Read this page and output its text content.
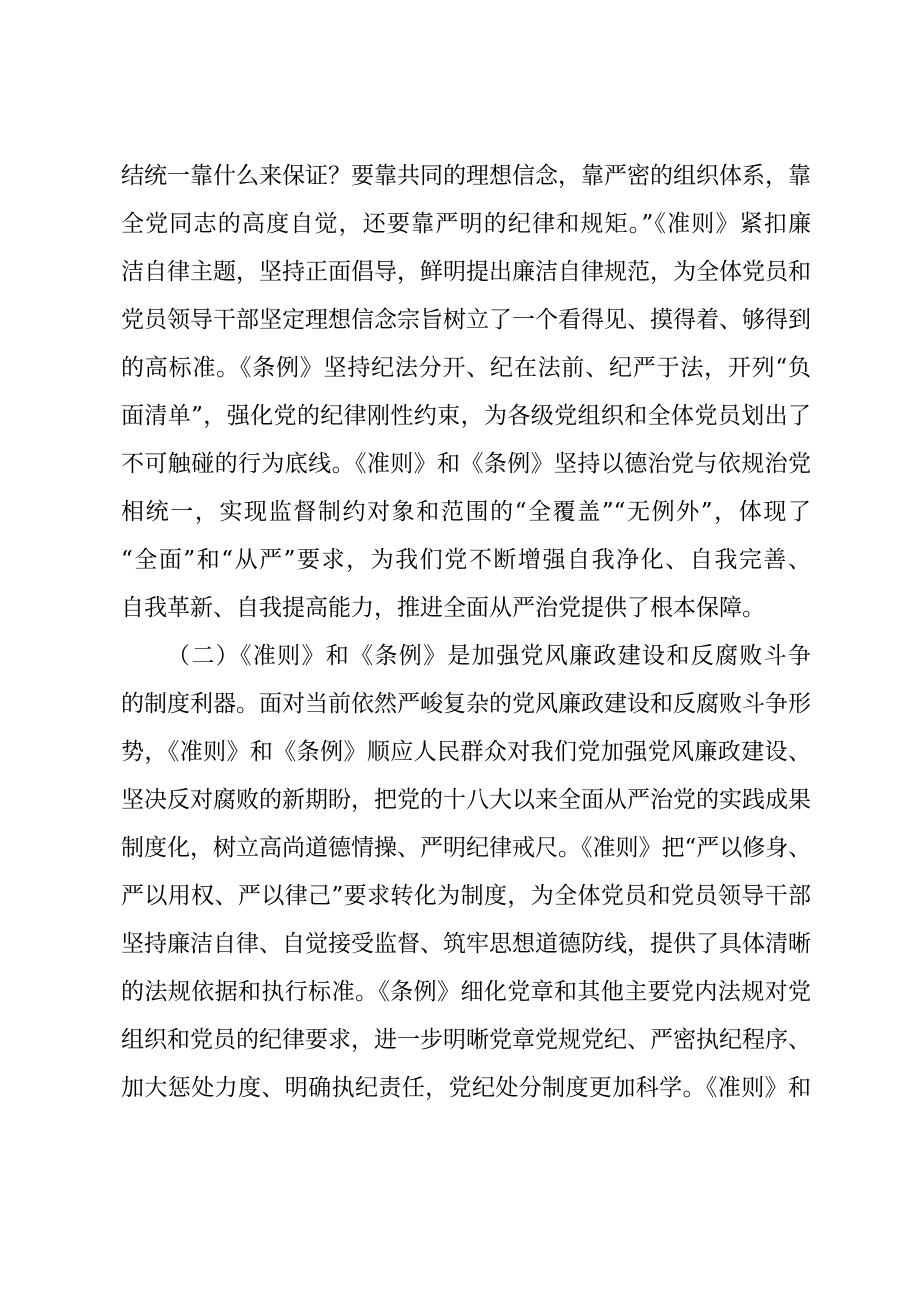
结统一靠什么来保证？要靠共同的理想信念，靠严密的组织体系，靠
全党同志的高度自觉，还要靠严明的纪律和规矩。”《准则》紧扣廉
洁自律主题，坚持正面倡导，鲜明提出廉洁自律规范，为全体党员和
党员领导干部坚定理想信念宗旨树立了一个看得见、摸得着、够得到
的高标准。《条例》坚持纪法分开、纪在法前、纪严于法，开列“负
面清单”，强化党的纪律刚性约束，为各级党组织和全体党员划出了
不可触碰的行为底线。《准则》和《条例》坚持以德治党与依规治党
相统一，实现监督制约对象和范围的“全覆盖”“无例外”，体现了
“全面”和“从严”要求，为我们党不断增强自我净化、自我完善、
自我革新、自我提高能力，推进全面从严治党提供了根本保障。
（二）《准则》和《条例》是加强党风廉政建设和反腐败斗争
的制度利器。面对当前依然严峻复杂的党风廉政建设和反腐败斗争形
势，《准则》和《条例》顺应人民群众对我们党加强党风廉政建设、
坚决反对腐败的新期盼，把党的十八大以来全面从严治党的实践成果
制度化，树立高尚道德情操、严明纪律戒尺。《准则》把“严以修身、
严以用权、严以律己”要求转化为制度，为全体党员和党员领导干部
坚持廉洁自律、自觉接受监督、筑牢思想道德防线，提供了具体清晰
的法规依据和执行标准。《条例》细化党章和其他主要党内法规对党
组织和党员的纪律要求，进一步明晰党章党规党纪、严密执纪程序、
加大惩处力度、明确执纪责任，党纪处分制度更加科学。《准则》和
